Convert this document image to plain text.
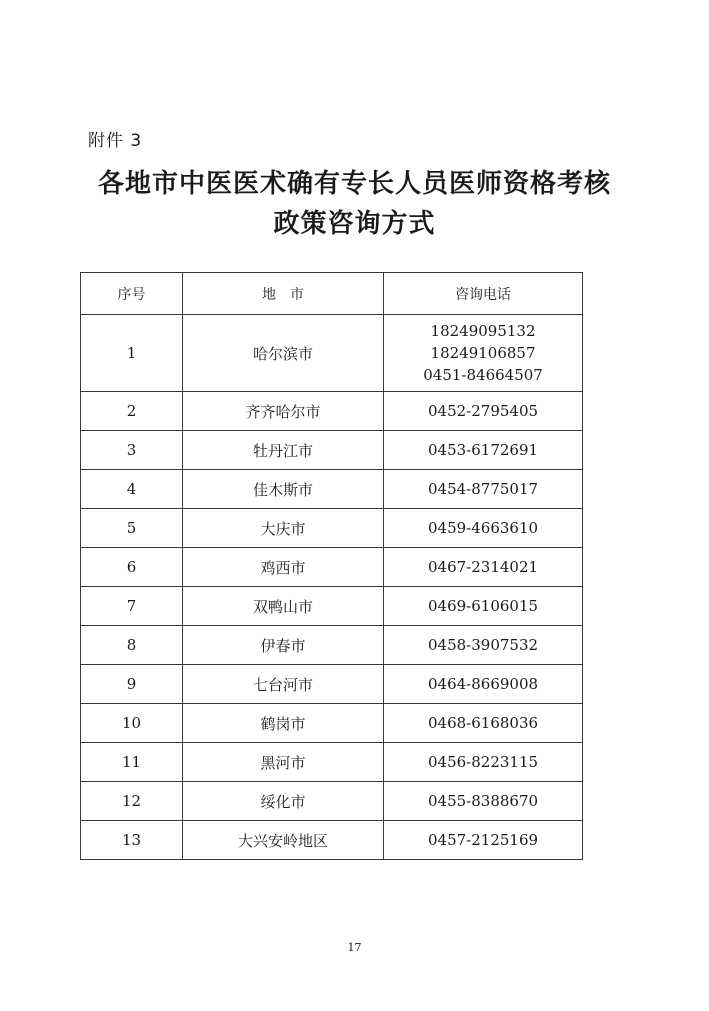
附件 3
各地市中医医术确有专长人员医师资格考核
政策咨询方式
序号	地　市	咨询电话
1	哈尔滨市	18249095132
18249106857
0451-84664507

2	齐齐哈尔市	0452-2795405

3	牡丹江市	0453-6172691

4	佳木斯市	0454-8775017

5	大庆市	0459-4663610

6	鸡西市	0467-2314021

7	双鸭山市	0469-6106015

8	伊春市	0458-3907532

9	七台河市	0464-8669008

10	鹤岗市	0468-6168036

11	黑河市	0456-8223115

12	绥化市	0455-8388670

13	大兴安岭地区	0457-2125169
17
